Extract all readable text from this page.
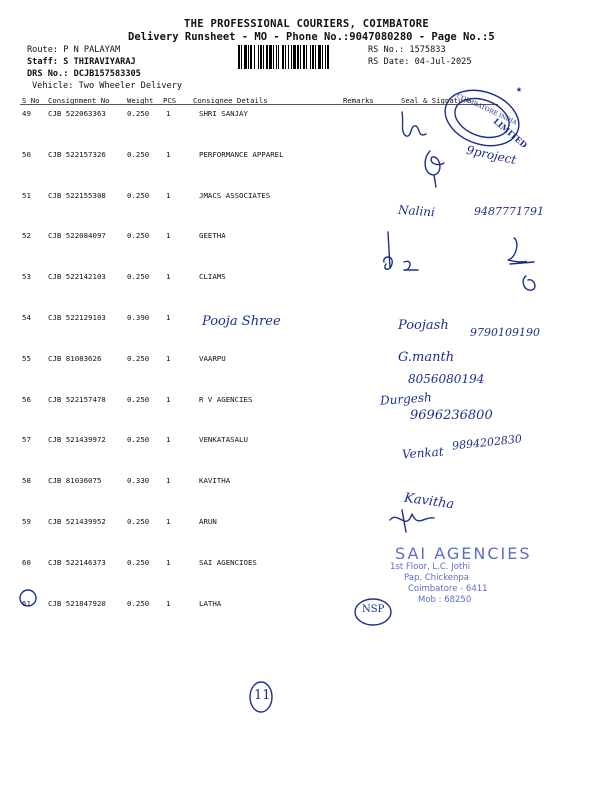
THE PROFESSIONAL COURIERS, COIMBATORE
Delivery Runsheet - MO - Phone No.:9047080280 - Page No.:5
Route: P N PALAYAM
Staff: S THIRAVIYARAJ
DRS No.: DCJB157583305
Vehicle: Two Wheeler Delivery
RS No.: 1575833
RS Date: 04-Jul-2025
S No Consignment No Weight PCS Consignee Details	Remarks	Seal & Signature
49 CJB 522063363	0.250 1	SHRI SANJAY
50 CJB 522157326	0.250 1	PERFORMANCE APPAREL
51 CJB 522155308	0.250 1	JMACS ASSOCIATES
52 CJB 522084097	0.250 1	GEETHA
53 CJB 522142103	0.250 1	CLIAMS
54 CJB 522129103	0.390 1
55 CJB 81083626	0.250 1	VAARPU
56 CJB 522157478	0.250 1	R V AGENCIES
57 CJB 521439972	0.250 1	VENKATASALU
58 CJB 81036075	0.330 1	KAVITHA
59 CJB 521439952	0.250 1	ARUN
60 CJB 522146373	0.250 1	SAI AGENCIOES
61 CJB 521847920	0.250 1	LATHA
COIMBATORE INDIA
LIMITED
★
9project
Nalini	9487771791
Pooja Shree	Poojash 9790109190
G.manth
8056080194
Durgesh
9696236800
Venkat
9894202830
Kavitha
SAI AGENCIES
1st Floor, L.C. Jothi
Pap. Chickenpa
Coimbatore - 6411
Mob : 68250
NSP
11
